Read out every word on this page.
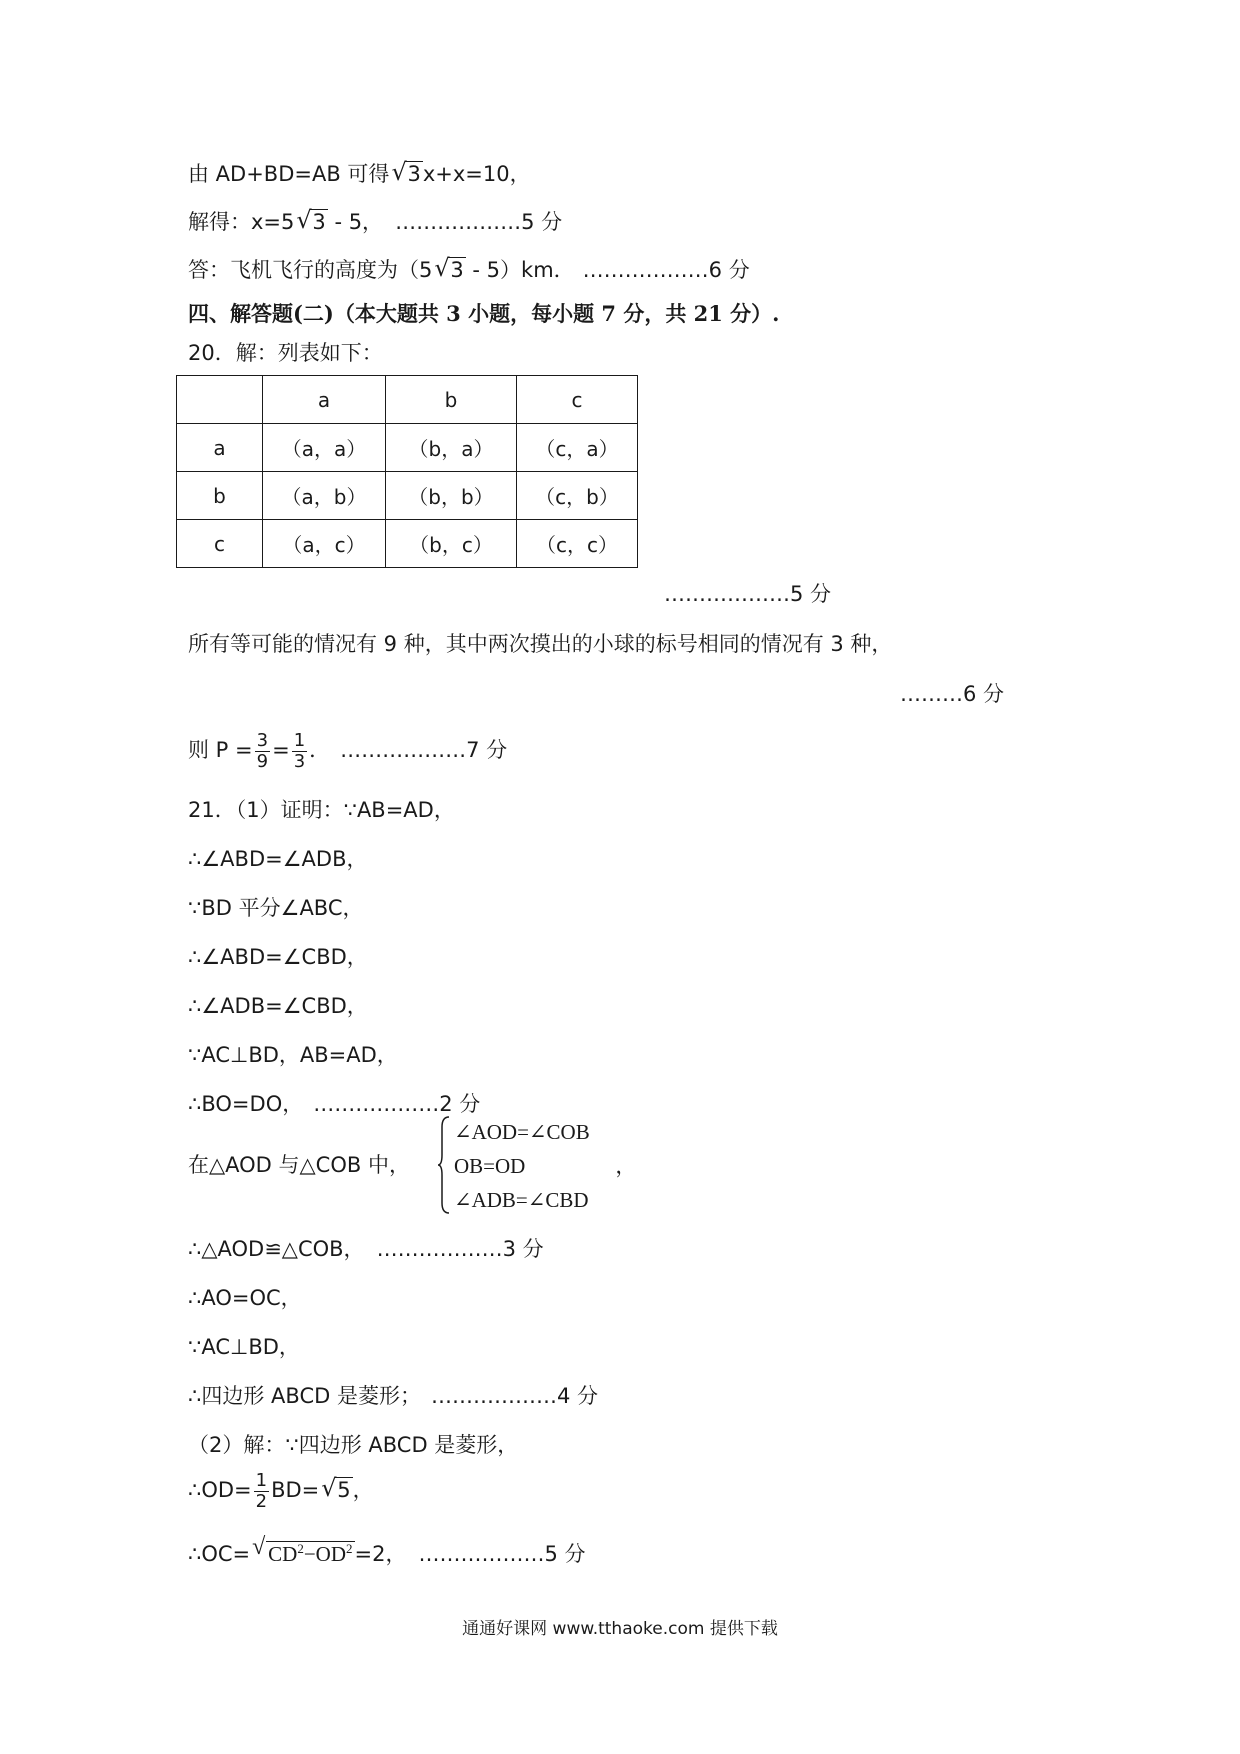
由 AD+BD=AB 可得 √ 3x+x=10，
解得：x=5 √ 3 - 5， ………………5 分
答：飞机飞行的高度为（5 √ 3 - 5）km． ………………6 分
四、解答题(二)（本大题共 3 小题，每小题 7 分，共 21 分）.
20．解：列表如下：
	a	b	c
a	（a，a）	（b，a）	（c，a）
b	（a，b）	（b，b）	（c，b）
c	（a，c）	（b，c）	（c，c）
………………5 分
所有等可能的情况有 9 种，其中两次摸出的小球的标号相同的情况有 3 种，
………6 分
则 $P = \frac{3}{9} = \frac{1}{3}$ ． ………………7 分
21．（1）证明：∵AB=AD，
∴∠ABD=∠ADB，
∵BD 平分∠ABC，
∴∠ABD=∠CBD，
∴∠ADB=∠CBD，
∵AC⊥BD，AB=AD，
∴BO=DO， ………………2 分
在△AOD 与△COB 中，
∠AOD=∠COB
OB=OD	，
∠ADB=∠CBD
∴△AOD≌△COB， ………………3 分
∴AO=OC，
∵AC⊥BD，
∴四边形 ABCD 是菱形； ………………4 分
（2）解：∵四边形 ABCD 是菱形，
∴OD= $\frac{1}{2} BD=$ √ 5，
∴OC= √ $CD^2-OD^2=2$， ………………5 分
通通好课网 www.tthaoke.com 提供下载
